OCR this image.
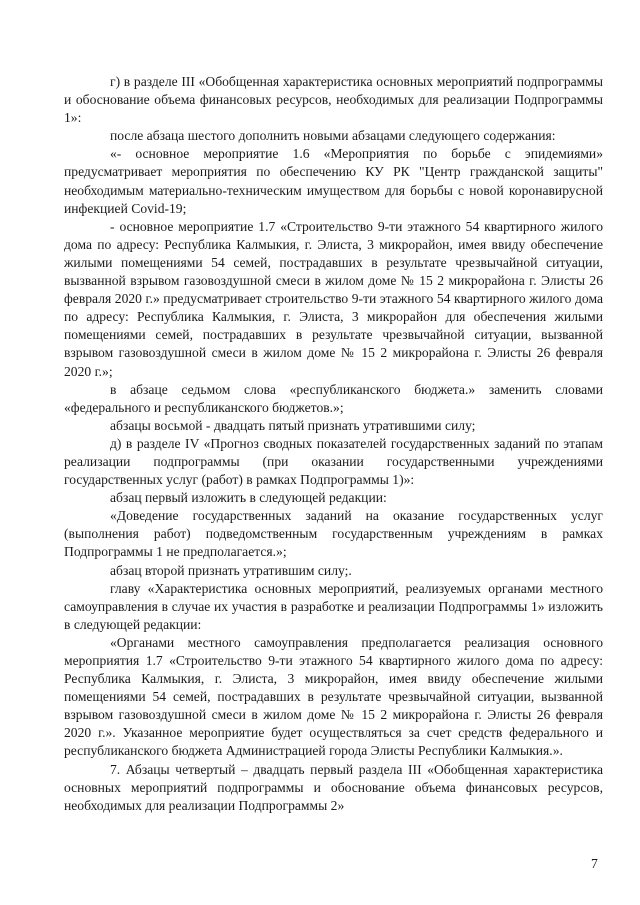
г) в разделе III «Обобщенная характеристика основных мероприятий подпрограммы и обоснование объема финансовых ресурсов, необходимых для реализации Подпрограммы 1»:

после абзаца шестого дополнить новыми абзацами следующего содержания:

«- основное мероприятие 1.6 «Мероприятия по борьбе с эпидемиями» предусматривает мероприятия по обеспечению КУ РК "Центр гражданской защиты" необходимым материально-техническим имуществом для борьбы с новой коронавирусной инфекцией Covid-19;

- основное мероприятие 1.7 «Строительство 9-ти этажного 54 квартирного жилого дома по адресу: Республика Калмыкия, г. Элиста, 3 микрорайон, имея ввиду обеспечение жилыми помещениями 54 семей, пострадавших в результате чрезвычайной ситуации, вызванной взрывом газовоздушной смеси в жилом доме № 15 2 микрорайона г. Элисты 26 февраля 2020 г.» предусматривает строительство 9-ти этажного 54 квартирного жилого дома по адресу: Республика Калмыкия, г. Элиста, 3 микрорайон для обеспечения жилыми помещениями семей, пострадавших в результате чрезвычайной ситуации, вызванной взрывом газовоздушной смеси в жилом доме № 15 2 микрорайона г. Элисты 26 февраля 2020 г.»;

в абзаце седьмом слова «республиканского бюджета.» заменить словами «федерального и республиканского бюджетов.»;

абзацы восьмой - двадцать пятый признать утратившими силу;

д) в разделе IV «Прогноз сводных показателей государственных заданий по этапам реализации подпрограммы (при оказании государственными учреждениями государственных услуг (работ) в рамках Подпрограммы 1)»:

абзац первый изложить в следующей редакции:

«Доведение государственных заданий на оказание государственных услуг (выполнения работ) подведомственным государственным учреждениям в рамках Подпрограммы 1 не предполагается.»;

абзац второй признать утратившим силу;.

главу «Характеристика основных мероприятий, реализуемых органами местного самоуправления в случае их участия в разработке и реализации Подпрограммы 1» изложить в следующей редакции:

«Органами местного самоуправления предполагается реализация основного мероприятия 1.7 «Строительство 9-ти этажного 54 квартирного жилого дома по адресу: Республика Калмыкия, г. Элиста, 3 микрорайон, имея ввиду обеспечение жилыми помещениями 54 семей, пострадавших в результате чрезвычайной ситуации, вызванной взрывом газовоздушной смеси в жилом доме № 15 2 микрорайона г. Элисты 26 февраля 2020 г.». Указанное мероприятие будет осуществляться за счет средств федерального и республиканского бюджета Администрацией города Элисты Республики Калмыкия.».

7. Абзацы четвертый – двадцать первый раздела III «Обобщенная характеристика основных мероприятий подпрограммы и обоснование объема финансовых ресурсов, необходимых для реализации Подпрограммы 2»

7
